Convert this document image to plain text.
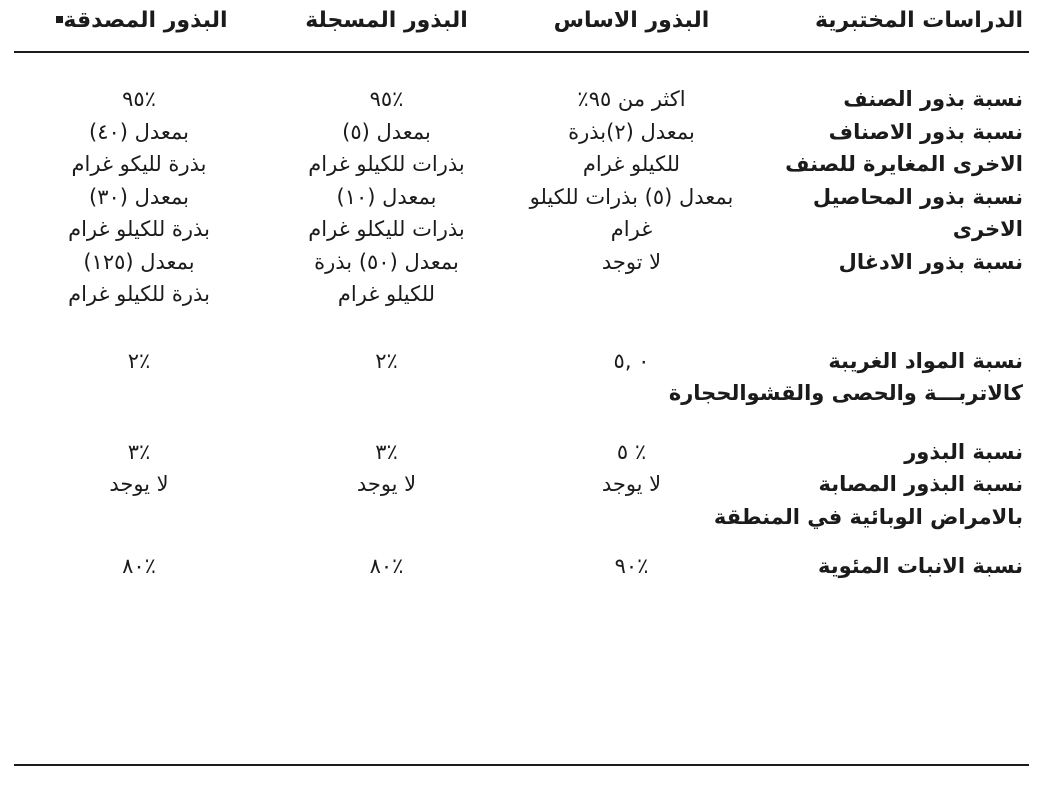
الدراسات المختبرية
البذور الاساس
البذور المسجلة
البذور المصدقة
نسبة بذور الصنف
اكثر من ٩٥٪
٪٩٥
٪٩٥
نسبة بذور الاصناف
بمعدل (٢)بذرة
بمعدل (٥)
بمعدل (٤٠)
الاخرى المغايرة للصنف
للكيلو غرام
بذرات للكيلو غرام
بذرة لليكو غرام
نسبة بذور المحاصيل
بمعدل (٥) بذرات للكيلو
بمعدل (١٠)
بمعدل (٣٠)
الاخرى
غرام
بذرات لليكلو غرام
بذرة للكيلو غرام
نسبة بذور الادغال
لا توجد
بمعدل (٥٠) بذرة
بمعدل (١٢٥)
للكيلو غرام
بذرة للكيلو غرام
نسبة المواد الغريبة
٠ ,٥
٪٢
٪٢
كالاتربـــة والحصى والقشوالحجارة
نسبة البذور
٪ ٥
٪٣
٪٣
نسبة البذور المصابة
لا يوجد
لا يوجد
لا يوجد
بالامراض الوبائية في المنطقة
نسبة الانبات المئوية
٪٩٠
٪٨٠
٪٨٠
